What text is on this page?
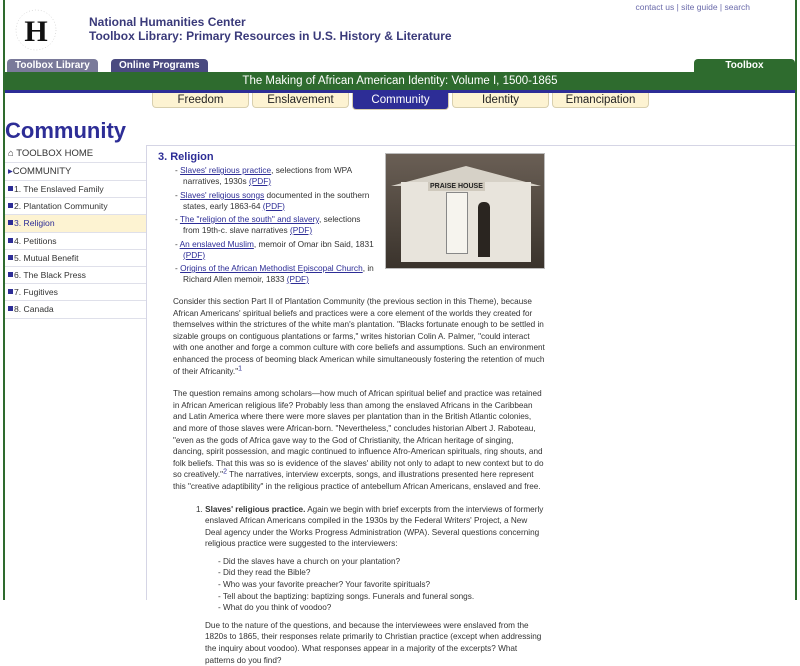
H	National Humanities Center
Toolbox Library: Primary Resources in U.S. History & Literature
contact us | site guide | search
Toolbox Library	Online Programs	Toolbox
The Making of African American Identity: Volume I, 1500-1865
Freedom	Enslavement	Community	Identity	Emancipation
Community
⌂ TOOLBOX HOME
▸COMMUNITY
1. The Enslaved Family
2. Plantation Community
3. Religion
4. Petitions
5. Mutual Benefit
6. The Black Press
7. Fugitives
8. Canada
3. Religion
- Slaves' religious practice, selections from WPA narratives, 1930s (PDF)
- Slaves' religious songs documented in the southern states, early 1863-64 (PDF)
- The "religion of the south" and slavery, selections from 19th-c. slave narratives (PDF)
- An enslaved Muslim, memoir of Omar ibn Said, 1831 (PDF)
- Origins of the African Methodist Episcopal Church, in Richard Allen memoir, 1833 (PDF)
PRAISE HOUSE
Consider this section Part II of Plantation Community (the previous section in this Theme), because African Americans' spiritual beliefs and practices were a core element of the worlds they created for themselves within the strictures of the white man's plantation. "Blacks fortunate enough to be settled in sizable groups on contiguous plantations or farms," writes historian Colin A. Palmer, "could interact with one another and forge a common culture with core beliefs and assumptions. Such an environment enhanced the process of beoming black American while simultaneously fostering the retention of much of their Africanity."$^1$
The question remains among scholars—how much of African spiritual belief and practice was retained in African American religious life? Probably less than among the enslaved Africans in the Caribbean and Latin America where there were more slaves per plantation than in the British Atlantic colonies, and more of those slaves were African-born. "Nevertheless," concludes historian Albert J. Raboteau, "even as the gods of Africa gave way to the God of Christianity, the African heritage of singing, dancing, spirit possession, and magic continued to influence Afro-American spirituals, ring shouts, and folk beliefs. That this was so is evidence of the slaves' ability not only to adapt to new context but to do so creatively."$^2$ The narratives, interview excerpts, songs, and illustrations presented here represent this "creative adaptibility" in the religious practice of antebellum African Americans, enslaved and free.
1. Slaves' religious practice. Again we begin with brief excerpts from the interviews of formerly enslaved African Americans compiled in the 1930s by the Federal Writers' Project, a New Deal agency under the Works Progress Administration (WPA). Several questions concerning religious practice were suggested to the interviewers:
- Did the slaves have a church on your plantation?
- Did they read the Bible?
- Who was your favorite preacher? Your favorite spirituals?
- Tell about the baptizing: baptizing songs. Funerals and funeral songs.
- What do you think of voodoo?
Due to the nature of the questions, and because the interviewees were enslaved from the 1820s to 1865, their responses relate primarily to Christian practice (except when addressing the inquiry about voodoo). What responses appear in a majority of the excerpts? What patterns do you find?
